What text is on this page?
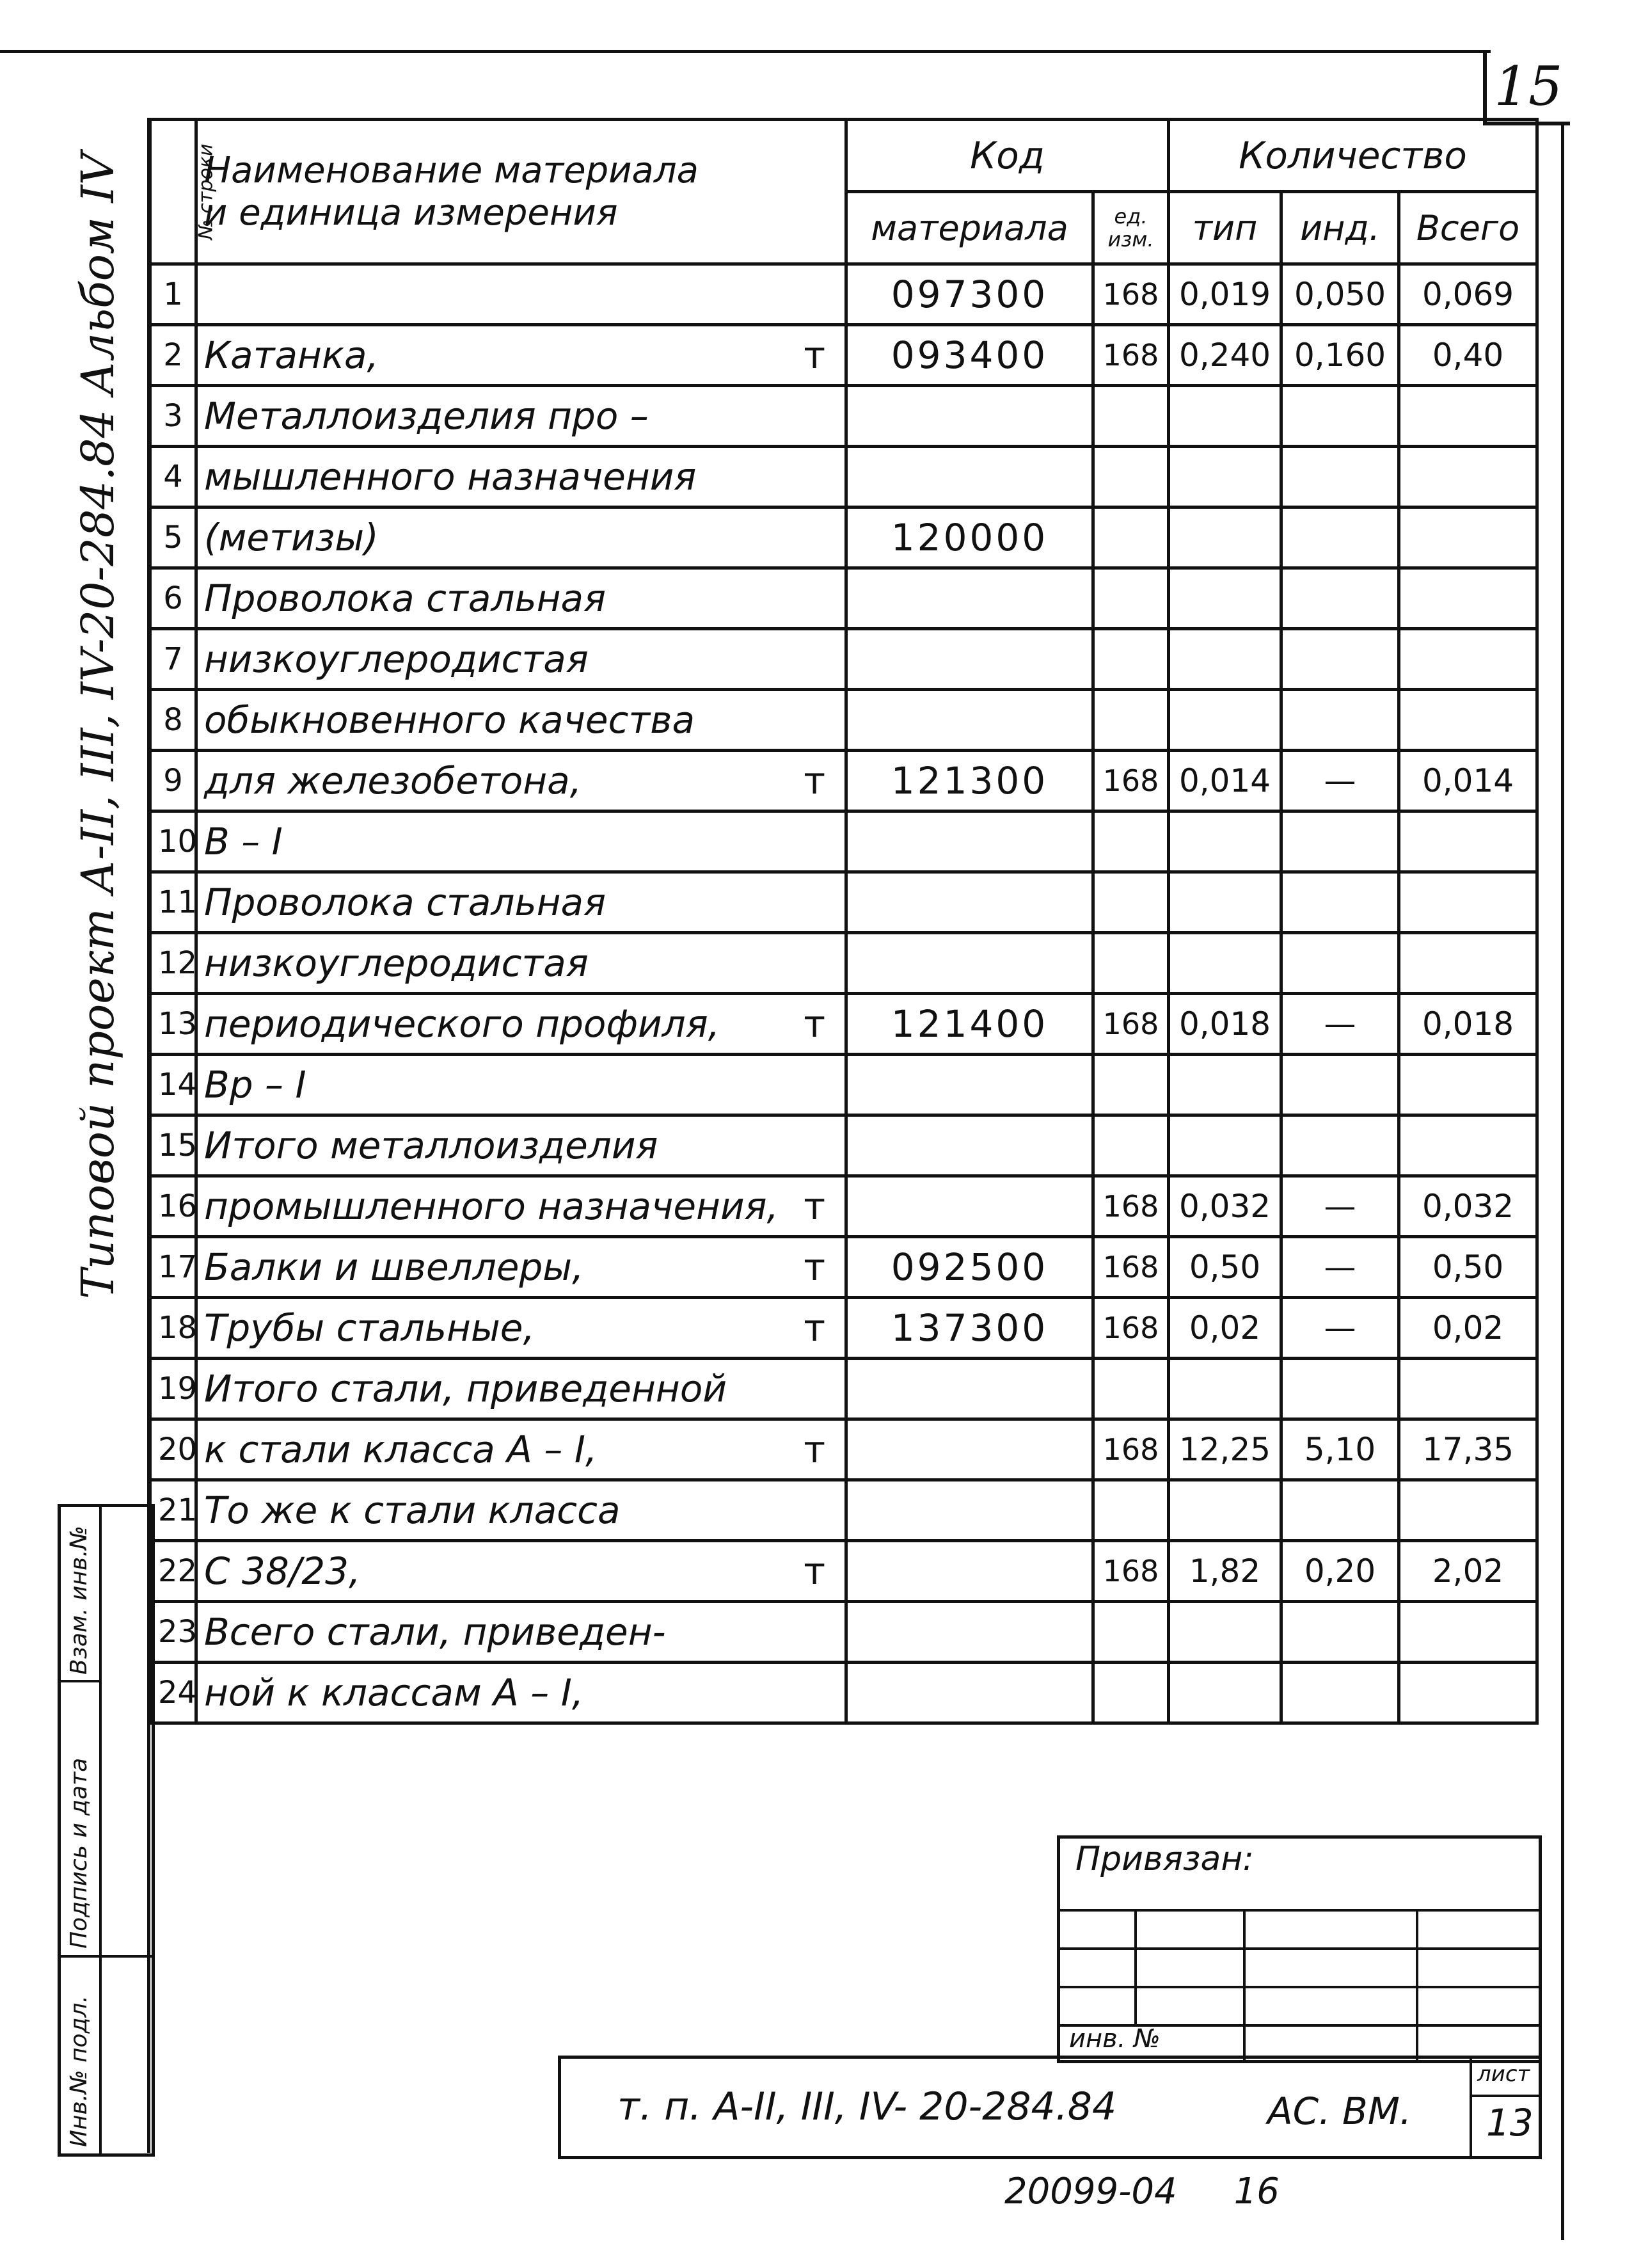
15
Типовой проект А-II, III, IV-20-284.84 Альбом IV
Инв.№ подл.
Подпись и дата
Взам. инв.№
№ строки	Наименование материала
и единица измерения	Код		Количество		
		материала	ед. изм.	тип	инд.	Всего
1		097300	168	0,019	0,050	0,069
2	Катанка, т	093400	168	0,240	0,160	0,40
3	Металлоизделия про –

4	мышленного назначения

5	(метизы)	120000				
6	Проволока стальная

7	низкоуглеродистая

8	обыкновенного качества

9	для железобетона, т	121300	168	0,014	—	0,014
10	В – I

11	Проволока стальная

12	низкоуглеродистая

13	периодического профиля, т	121400	168	0,018	—	0,018
14	Вр – I

15	Итого металлоизделия

16	промышленного назначения, т		168	0,032	—	0,032
17	Балки и швеллеры, т	092500	168	0,50	—	0,50
18	Трубы стальные, т	137300	168	0,02	—	0,02
19	Итого стали, приведенной

20	к стали класса А – I, т		168	12,25	5,10	17,35
21	То же к стали класса

22	С 38/23, т		168	1,82	0,20	2,02
23	Всего стали, приведен-

24	ной к классам А – I,

Привязан:
инв. №
т. п. А-II, III, IV- 20-284.84	АС. ВМ.
лист
13
20099-04     16
